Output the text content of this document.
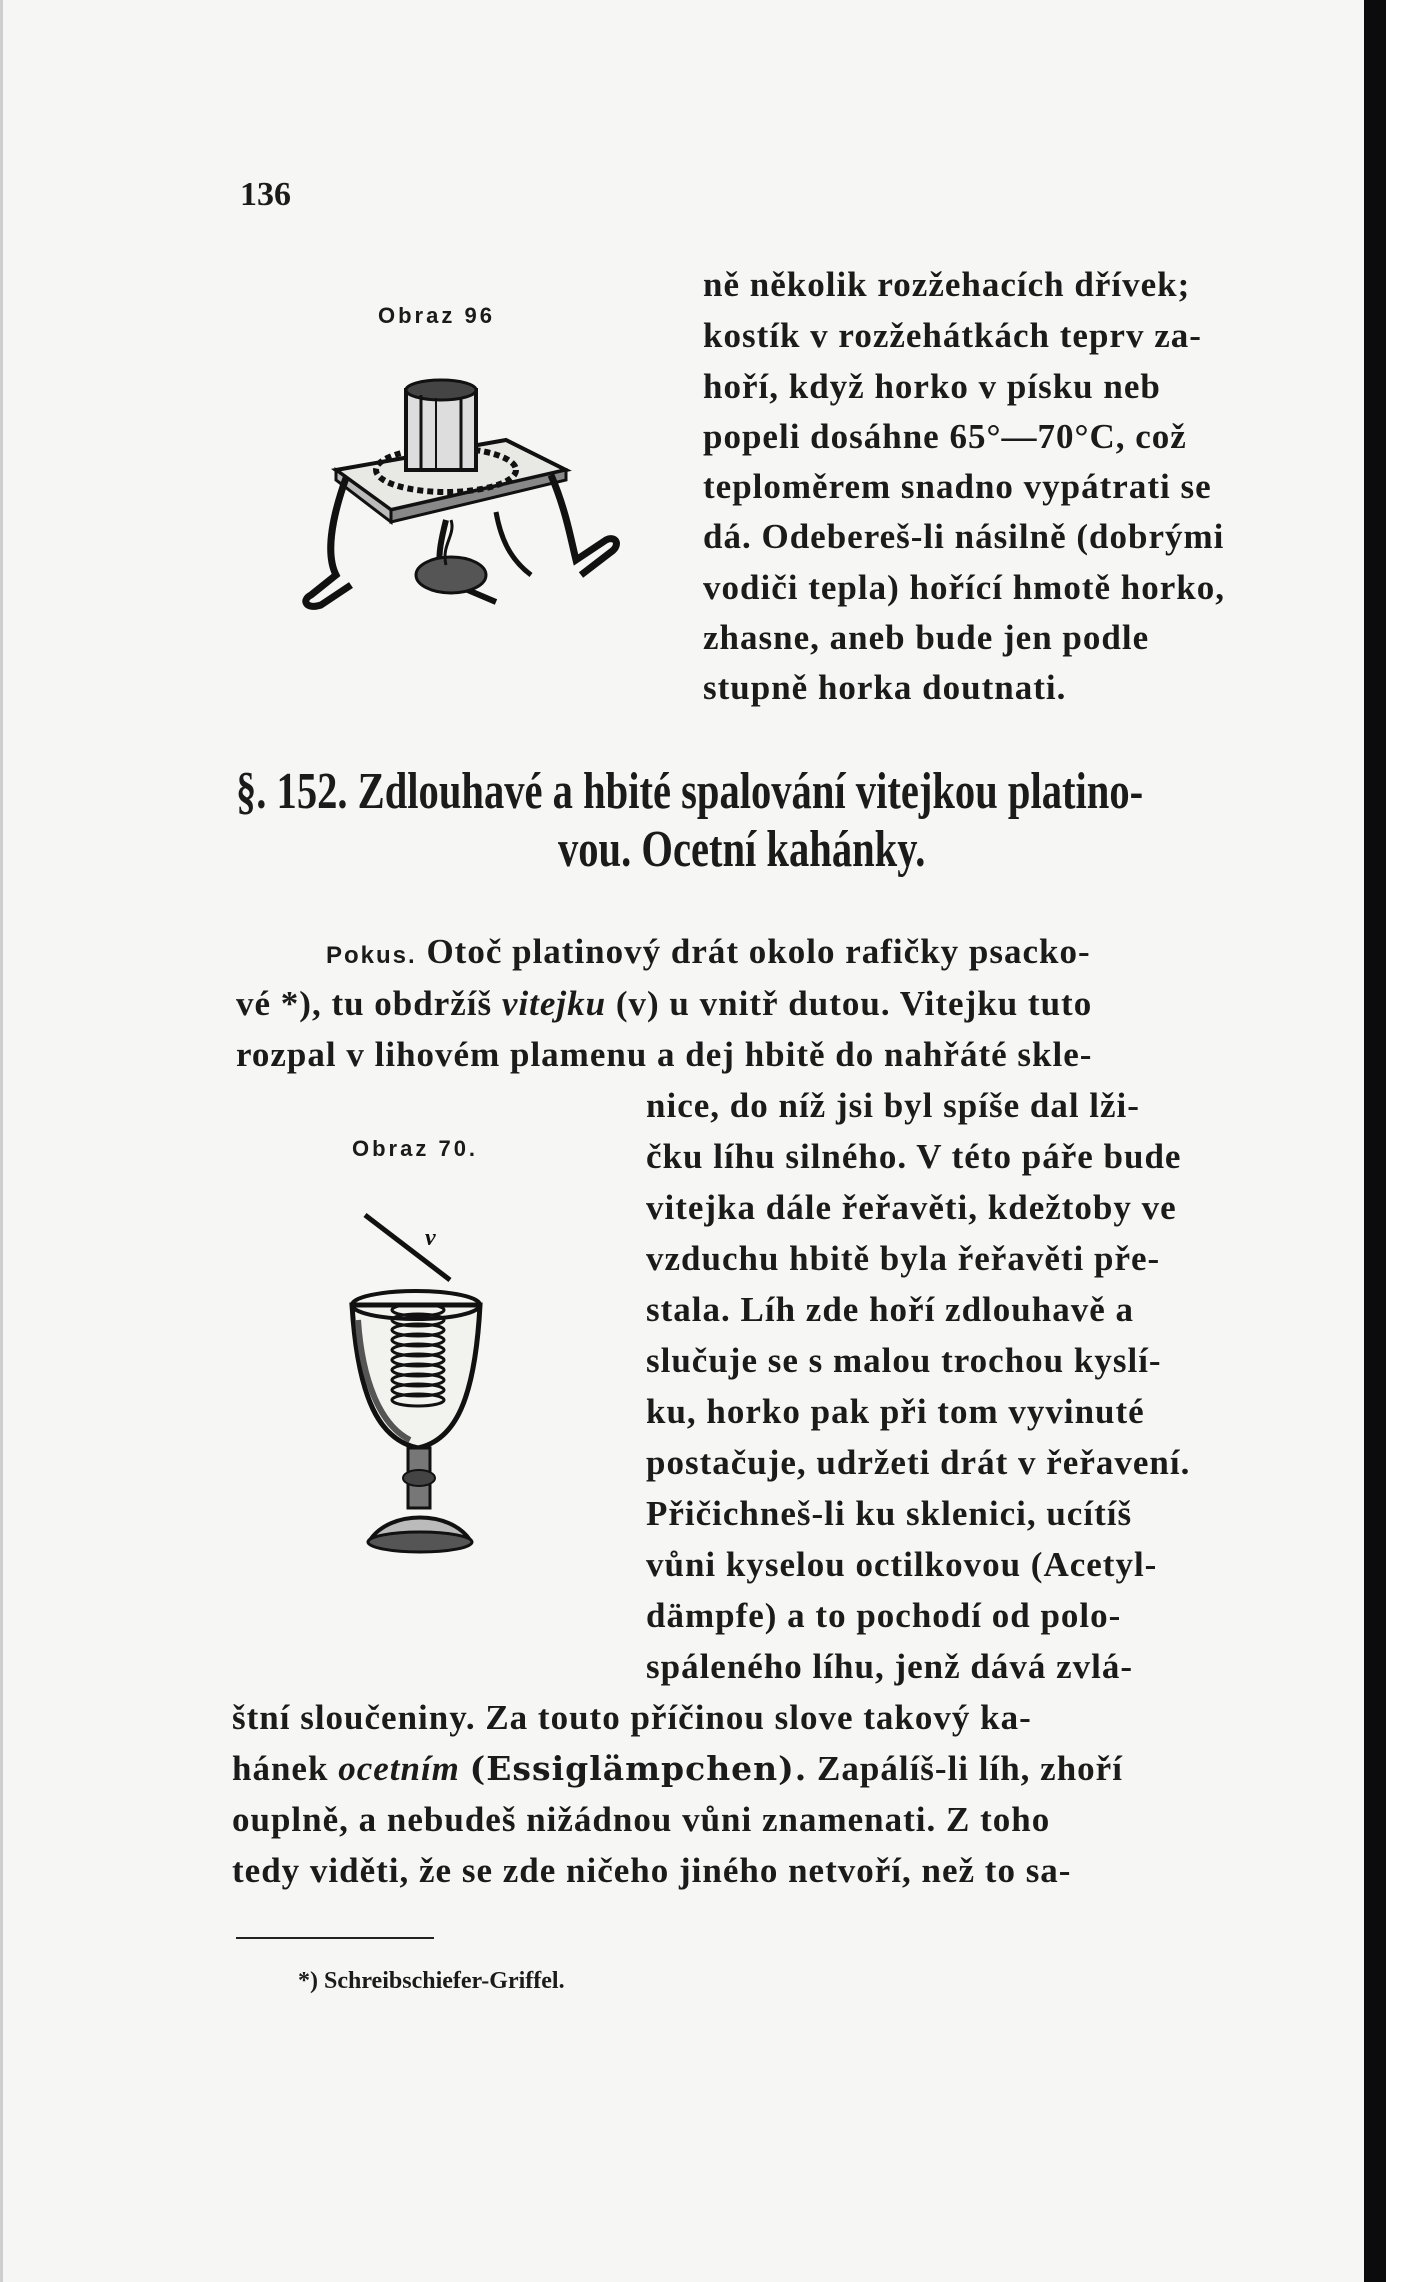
136
Obraz 96
ně několik rozžehacích dřívek;
kostík v rozžehátkách teprv za-
hoří, když horko v písku neb
popeli dosáhne 65°—70°C, což
teploměrem snadno vypátrati se
dá. Odebereš-li násilně (dobrými
vodiči tepla) hořící hmotě horko,
zhasne, aneb bude jen podle
stupně horka doutnati.
§. 152. Zdlouhavé a hbité spalování vitejkou platino-
vou. Ocetní kahánky.
Pokus. Otoč platinový drát okolo rafičky psacko-
vé *), tu obdržíš vitejku (v) u vnitř dutou. Vitejku tuto
rozpal v lihovém plamenu a dej hbitě do nahřáté skle-
Obraz 70.
v
nice, do níž jsi byl spíše dal lži-
čku líhu silného. V této páře bude
vitejka dále řeřavěti, kdežtoby ve
vzduchu hbitě byla řeřavěti pře-
stala. Líh zde hoří zdlouhavě a
slučuje se s malou trochou kyslí-
ku, horko pak při tom vyvinuté
postačuje, udržeti drát v řeřavení.
Přičichneš-li ku sklenici, ucítíš
vůni kyselou octilkovou (Acetyl-
dämpfe) a to pochodí od polo-
spáleného líhu, jenž dává zvlá-
štní sloučeniny. Za touto příčinou slove takový ka-
hánek ocetním (Essiglämpchen). Zapálíš-li líh, zhoří
ouplně, a nebudeš nižádnou vůni znamenati. Z toho
tedy viděti, že se zde ničeho jiného netvoří, než to sa-
*) Schreibschiefer-Griffel.
